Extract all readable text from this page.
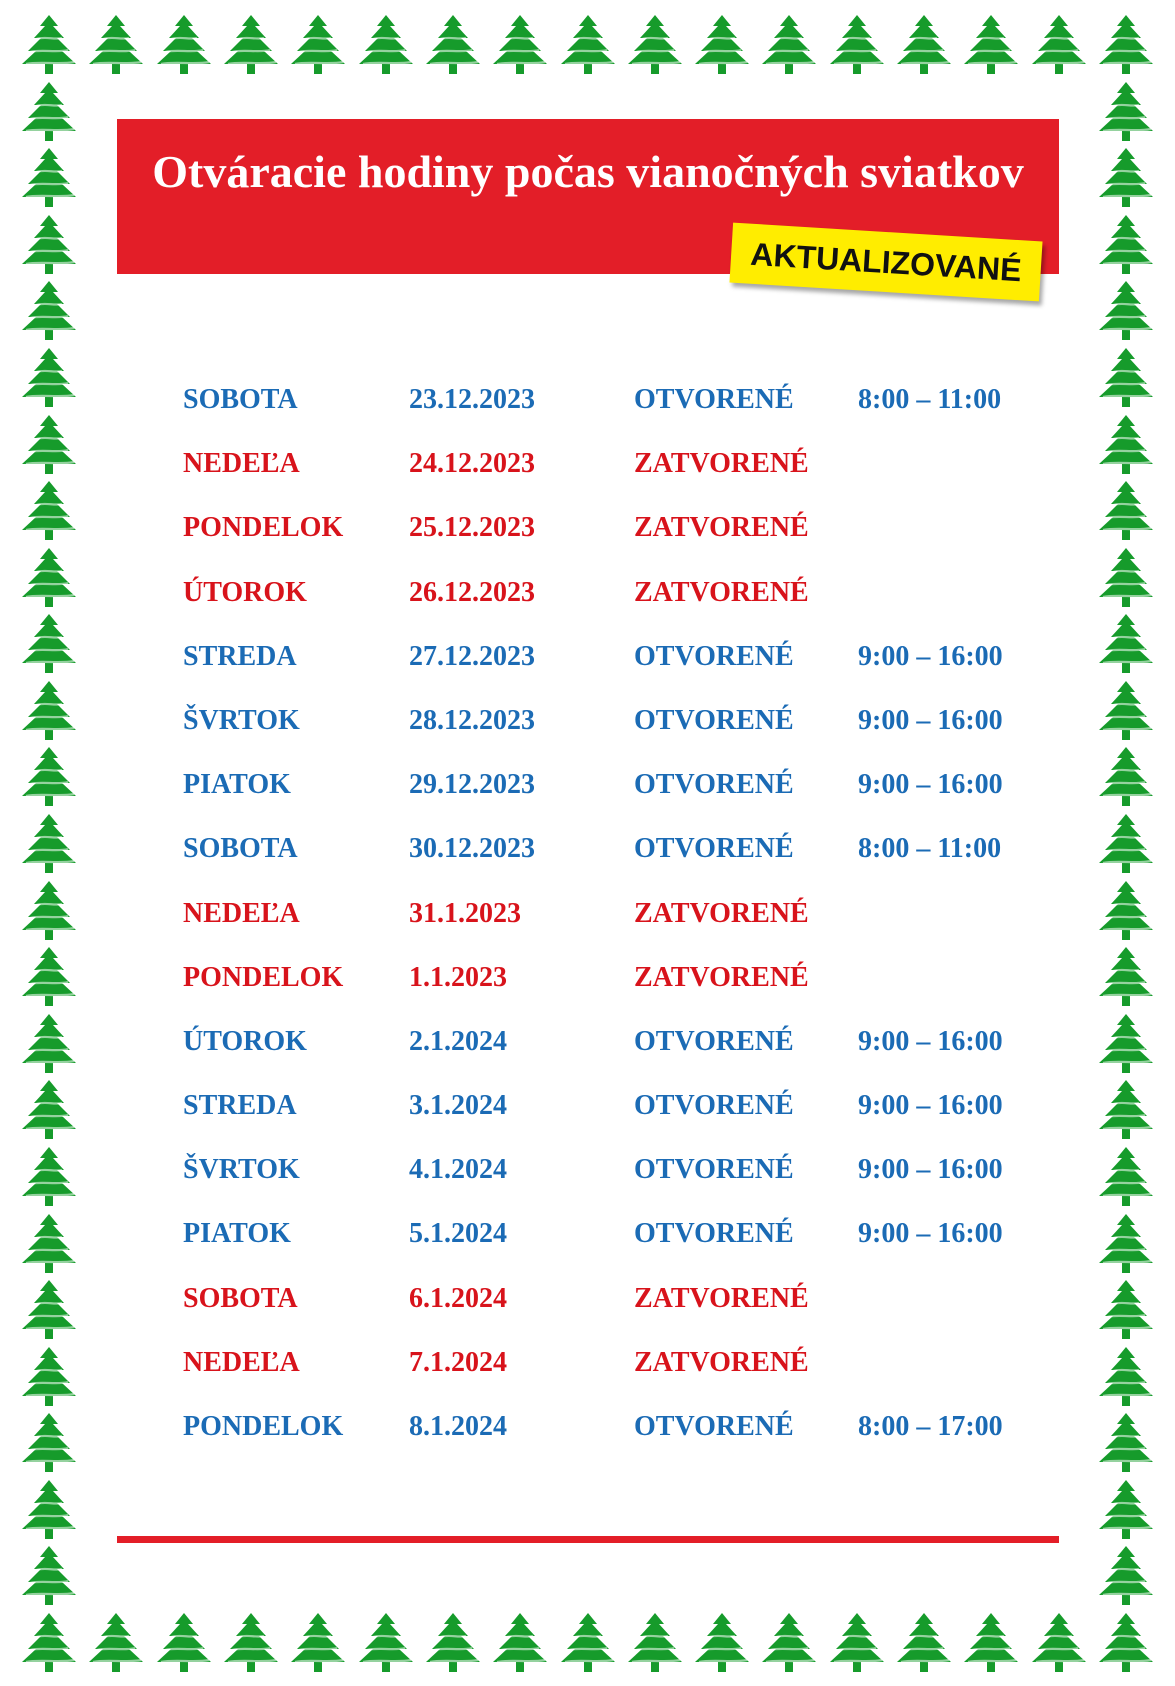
Otváracie hodiny počas vianočných sviatkov
AKTUALIZOVANÉ
SOBOTA	23.12.2023	OTVORENÉ 8:00 – 11:00
NEDEĽA	24.12.2023	ZATVORENÉ
PONDELOK 25.12.2023	ZATVORENÉ
ÚTOROK	26.12.2023	ZATVORENÉ
STREDA	27.12.2023	OTVORENÉ 9:00 – 16:00
ŠVRTOK	28.12.2023	OTVORENÉ 9:00 – 16:00
PIATOK	29.12.2023	OTVORENÉ 9:00 – 16:00
SOBOTA	30.12.2023	OTVORENÉ 8:00 – 11:00
NEDEĽA	31.1.2023	ZATVORENÉ
PONDELOK 1.1.2023	ZATVORENÉ
ÚTOROK	2.1.2024	OTVORENÉ 9:00 – 16:00
STREDA	3.1.2024	OTVORENÉ 9:00 – 16:00
ŠVRTOK	4.1.2024	OTVORENÉ 9:00 – 16:00
PIATOK	5.1.2024	OTVORENÉ 9:00 – 16:00
SOBOTA	6.1.2024	ZATVORENÉ
NEDEĽA	7.1.2024	ZATVORENÉ
PONDELOK 8.1.2024	OTVORENÉ 8:00 – 17:00
